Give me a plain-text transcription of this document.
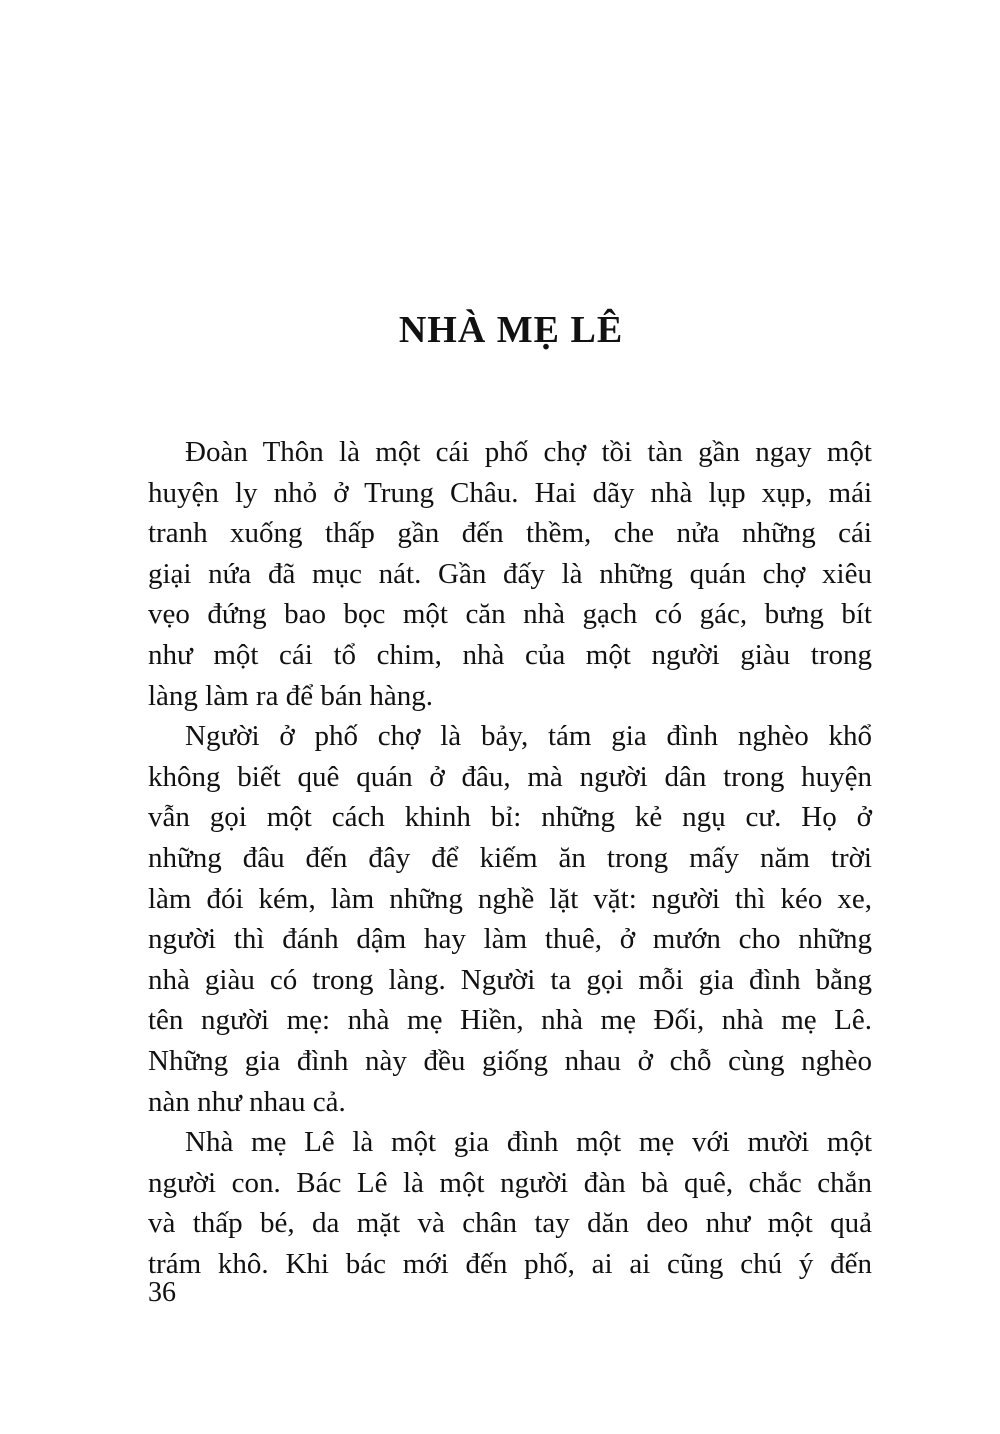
NHÀ MẸ LÊ
Đoàn Thôn là một cái phố chợ tồi tàn gần ngay một
huyện ly nhỏ ở Trung Châu. Hai dãy nhà lụp xụp, mái
tranh xuống thấp gần đến thềm, che nửa những cái
giại nứa đã mục nát. Gần đấy là những quán chợ xiêu
vẹo đứng bao bọc một căn nhà gạch có gác, bưng bít
như một cái tổ chim, nhà của một người giàu trong
làng làm ra để bán hàng.
Người ở phố chợ là bảy, tám gia đình nghèo khổ
không biết quê quán ở đâu, mà người dân trong huyện
vẫn gọi một cách khinh bỉ: những kẻ ngụ cư. Họ ở
những đâu đến đây để kiếm ăn trong mấy năm trời
làm đói kém, làm những nghề lặt vặt: người thì kéo xe,
người thì đánh dậm hay làm thuê, ở mướn cho những
nhà giàu có trong làng. Người ta gọi mỗi gia đình bằng
tên người mẹ: nhà mẹ Hiền, nhà mẹ Đối, nhà mẹ Lê.
Những gia đình này đều giống nhau ở chỗ cùng nghèo
nàn như nhau cả.
Nhà mẹ Lê là một gia đình một mẹ với mười một
người con. Bác Lê là một người đàn bà quê, chắc chắn
và thấp bé, da mặt và chân tay dăn deo như một quả
trám khô. Khi bác mới đến phố, ai ai cũng chú ý đến
36
